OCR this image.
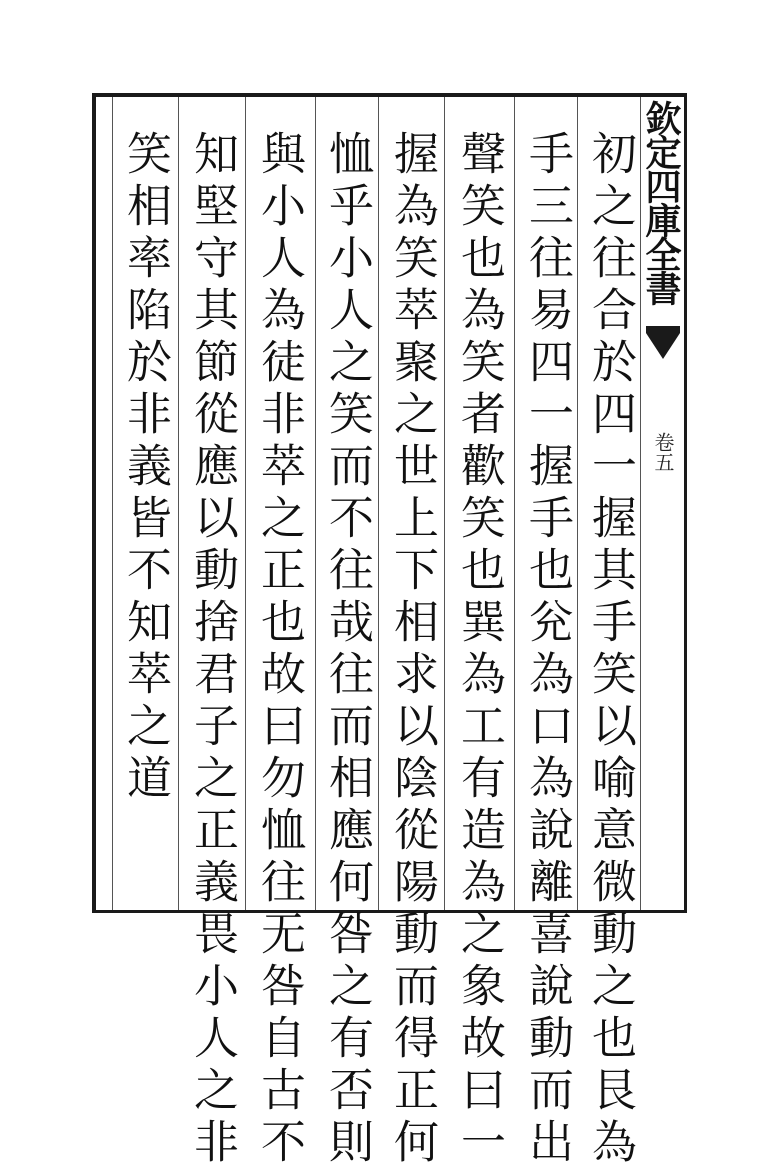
欽定四庫全書
卷五
初之往合於四一握其手笑以喻意微動之也艮為
手三往易四一握手也兊為口為說離喜說動而出
聲笑也為笑者歡笑也巽為工有造為之象故曰一
握為笑萃聚之世上下相求以陰從陽動而得正何
恤乎小人之笑而不往哉往而相應何咎之有否則
與小人為徒非萃之正也故曰勿恤往无咎自古不
知堅守其節從應以動捨君子之正義畏小人之非
笑相率陷於非義皆不知萃之道
